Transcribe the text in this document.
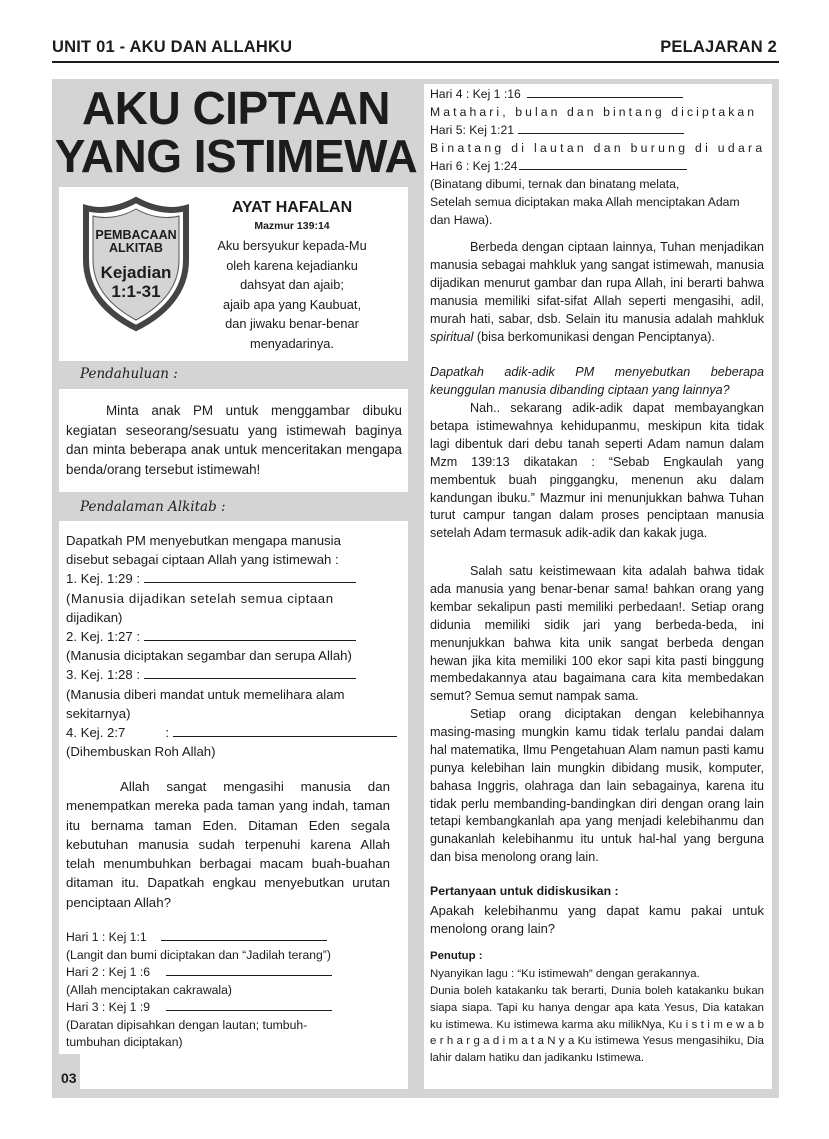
UNIT 01 - AKU DAN ALLAHKU	PELAJARAN 2
AKU CIPTAAN
YANG ISTIMEWA
PEMBACAAN
ALKITAB
Kejadian
1:1-31
AYAT HAFALAN
Mazmur 139:14
Aku bersyukur kepada-Mu
oleh karena kejadianku
dahsyat dan ajaib;
ajaib apa yang Kaubuat,
dan jiwaku benar-benar
menyadarinya.
Pendahuluan :
Minta anak PM untuk menggambar dibuku kegiatan seseorang/sesuatu yang istimewah baginya dan minta beberapa anak untuk menceritakan mengapa benda/orang tersebut istimewah!
Pendalaman Alkitab :
Dapatkah PM menyebutkan mengapa manusia
disebut sebagai ciptaan Allah yang istimewah :
1. Kej. 1:29 :
(Manusia dijadikan setelah semua ciptaan
dijadikan)
2. Kej. 1:27 :
(Manusia diciptakan segambar dan serupa Allah)
3. Kej. 1:28 :
(Manusia diberi mandat untuk memelihara alam
sekitarnya)
4. Kej. 2:7	:
(Dihembuskan Roh Allah)
Allah sangat mengasihi manusia dan menempatkan mereka pada taman yang indah, taman itu bernama taman Eden. Ditaman Eden segala kebutuhan manusia sudah terpenuhi karena Allah telah menumbuhkan berbagai macam buah-buahan ditaman itu. Dapatkah engkau menyebutkan urutan penciptaan Allah?
Hari 1 : Kej 1:1
(Langit dan bumi diciptakan dan “Jadilah terang”)
Hari 2 : Kej 1 :6
(Allah menciptakan cakrawala)
Hari 3 : Kej 1 :9
(Daratan dipisahkan dengan lautan; tumbuh-
tumbuhan diciptakan)
03
Hari 4 : Kej 1 :16
Matahari, bulan dan bintang diciptakan
Hari 5: Kej 1:21
Binatang di lautan dan burung di udara
Hari 6 : Kej 1:24
(Binatang dibumi, ternak dan binatang melata,
Setelah semua diciptakan maka Allah menciptakan Adam
dan Hawa).
Berbeda dengan ciptaan lainnya, Tuhan menjadikan manusia sebagai mahkluk yang sangat istimewah, manusia dijadikan menurut gambar dan rupa Allah, ini berarti bahwa manusia memiliki sifat-sifat Allah seperti mengasihi, adil, murah hati, sabar, dsb. Selain itu manusia adalah mahkluk spiritual (bisa berkomunikasi dengan Penciptanya).
Dapatkah adik-adik PM menyebutkan beberapa keunggulan manusia dibanding ciptaan yang lainnya?
Nah.. sekarang adik-adik dapat membayangkan betapa istimewahnya kehidupanmu, meskipun kita tidak lagi dibentuk dari debu tanah seperti Adam namun dalam Mzm 139:13 dikatakan : “Sebab Engkaulah yang membentuk buah pinggangku, menenun aku dalam kandungan ibuku.” Mazmur ini menunjukkan bahwa Tuhan turut campur tangan dalam proses penciptaan manusia setelah Adam termasuk adik-adik dan kakak juga.
Salah satu keistimewaan kita adalah bahwa tidak ada manusia yang benar-benar sama! bahkan orang yang kembar sekalipun pasti memiliki perbedaan!. Setiap orang didunia memiliki sidik jari yang berbeda-beda, ini menunjukkan bahwa kita unik sangat berbeda dengan hewan jika kita memiliki 100 ekor sapi kita pasti binggung membedakannya atau bagaimana cara kita membedakan semut? Semua semut nampak sama.
Setiap orang diciptakan dengan kelebihannya masing-masing mungkin kamu tidak terlalu pandai dalam hal matematika, Ilmu Pengetahuan Alam namun pasti kamu punya kelebihan lain mungkin dibidang musik, komputer, bahasa Inggris, olahraga dan lain sebagainya, karena itu tidak perlu membanding-bandingkan diri dengan orang lain tetapi kembangkanlah apa yang menjadi kelebihanmu dan gunakanlah kelebihanmu itu untuk hal-hal yang berguna dan bisa menolong orang lain.
Pertanyaan untuk didiskusikan :
Apakah kelebihanmu yang dapat kamu pakai untuk menolong orang lain?
Penutup :
Nyanyikan lagu : “Ku istimewah” dengan gerakannya.
Dunia boleh katakanku tak berarti, Dunia boleh katakanku bukan siapa siapa. Tapi ku hanya dengar apa kata Yesus, Dia katakan ku istimewa. Ku istimewa karma aku milikNya, Ku i s t i m e w a b e r h a r g a d i m a t a N y a Ku istimewa Yesus mengasihiku, Dia lahir dalam hatiku dan jadikanku Istimewa.
